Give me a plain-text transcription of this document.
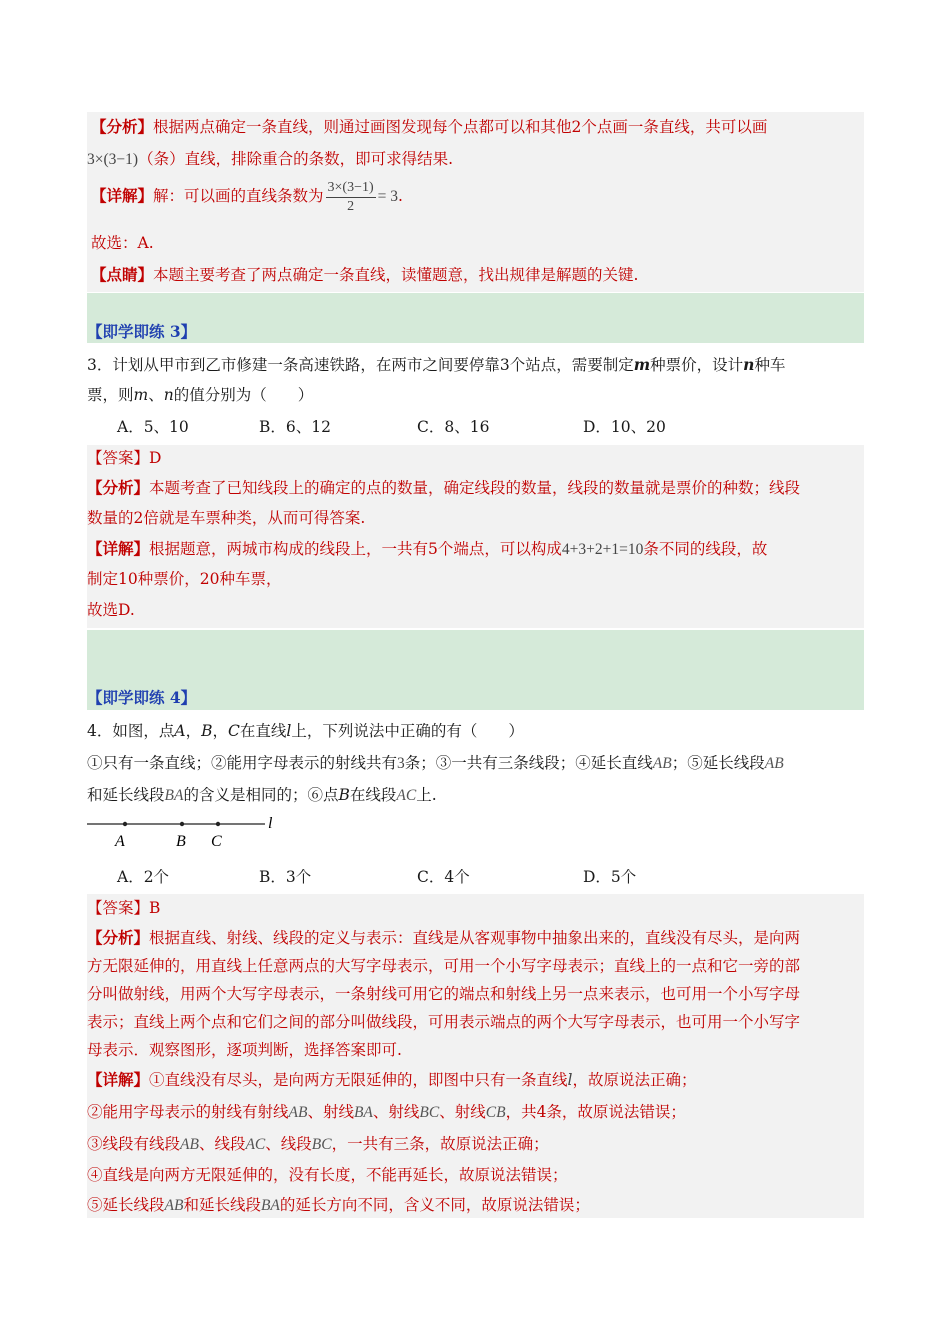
【分析】根据两点确定一条直线，则通过画图发现每个点都可以和其他2个点画一条直线，共可以画
3×(3−1)（条）直线，排除重合的条数，即可求得结果.
【详解】解：可以画的直线条数为 $\frac{3\times(3-1)}{2} = 3$.
故选：A.
【点睛】本题主要考查了两点确定一条直线，读懂题意，找出规律是解题的关键.
【即学即练 3】
3．计划从甲市到乙市修建一条高速铁路，在两市之间要停靠3个站点，需要制定m种票价，设计n种车
票，则m、n的值分别为（　　）
A．5、10	B．6、12	C．8、16	D．10、20
【答案】D
【分析】本题考查了已知线段上的确定的点的数量，确定线段的数量，线段的数量就是票价的种数；线段
数量的2倍就是车票种类，从而可得答案.
【详解】根据题意，两城市构成的线段上，一共有5个端点，可以构成4+3+2+1=10条不同的线段，故
制定10种票价，20种车票，
故选D.
【即学即练 4】
4．如图，点A，B，C在直线l上，下列说法中正确的有（　　）
①只有一条直线；②能用字母表示的射线共有3条；③一共有三条线段；④延长直线AB；⑤延长线段AB
和延长线段BA的含义是相同的；⑥点B在线段AC上.
A	B C
l
A．2个	B．3个	C．4个	D．5个
【答案】B
【分析】根据直线、射线、线段的定义与表示：直线是从客观事物中抽象出来的，直线没有尽头，是向两
方无限延伸的，用直线上任意两点的大写字母表示，可用一个小写字母表示；直线上的一点和它一旁的部
分叫做射线，用两个大写字母表示，一条射线可用它的端点和射线上另一点来表示，也可用一个小写字母
表示；直线上两个点和它们之间的部分叫做线段，可用表示端点的两个大写字母表示，也可用一个小写字
母表示．观察图形，逐项判断，选择答案即可.
【详解】①直线没有尽头，是向两方无限延伸的，即图中只有一条直线l，故原说法正确；
②能用字母表示的射线有射线AB、射线BA、射线BC、射线CB，共4条，故原说法错误；
③线段有线段AB、线段AC、线段BC，一共有三条，故原说法正确；
④直线是向两方无限延伸的，没有长度，不能再延长，故原说法错误；
⑤延长线段AB和延长线段BA的延长方向不同，含义不同，故原说法错误；
